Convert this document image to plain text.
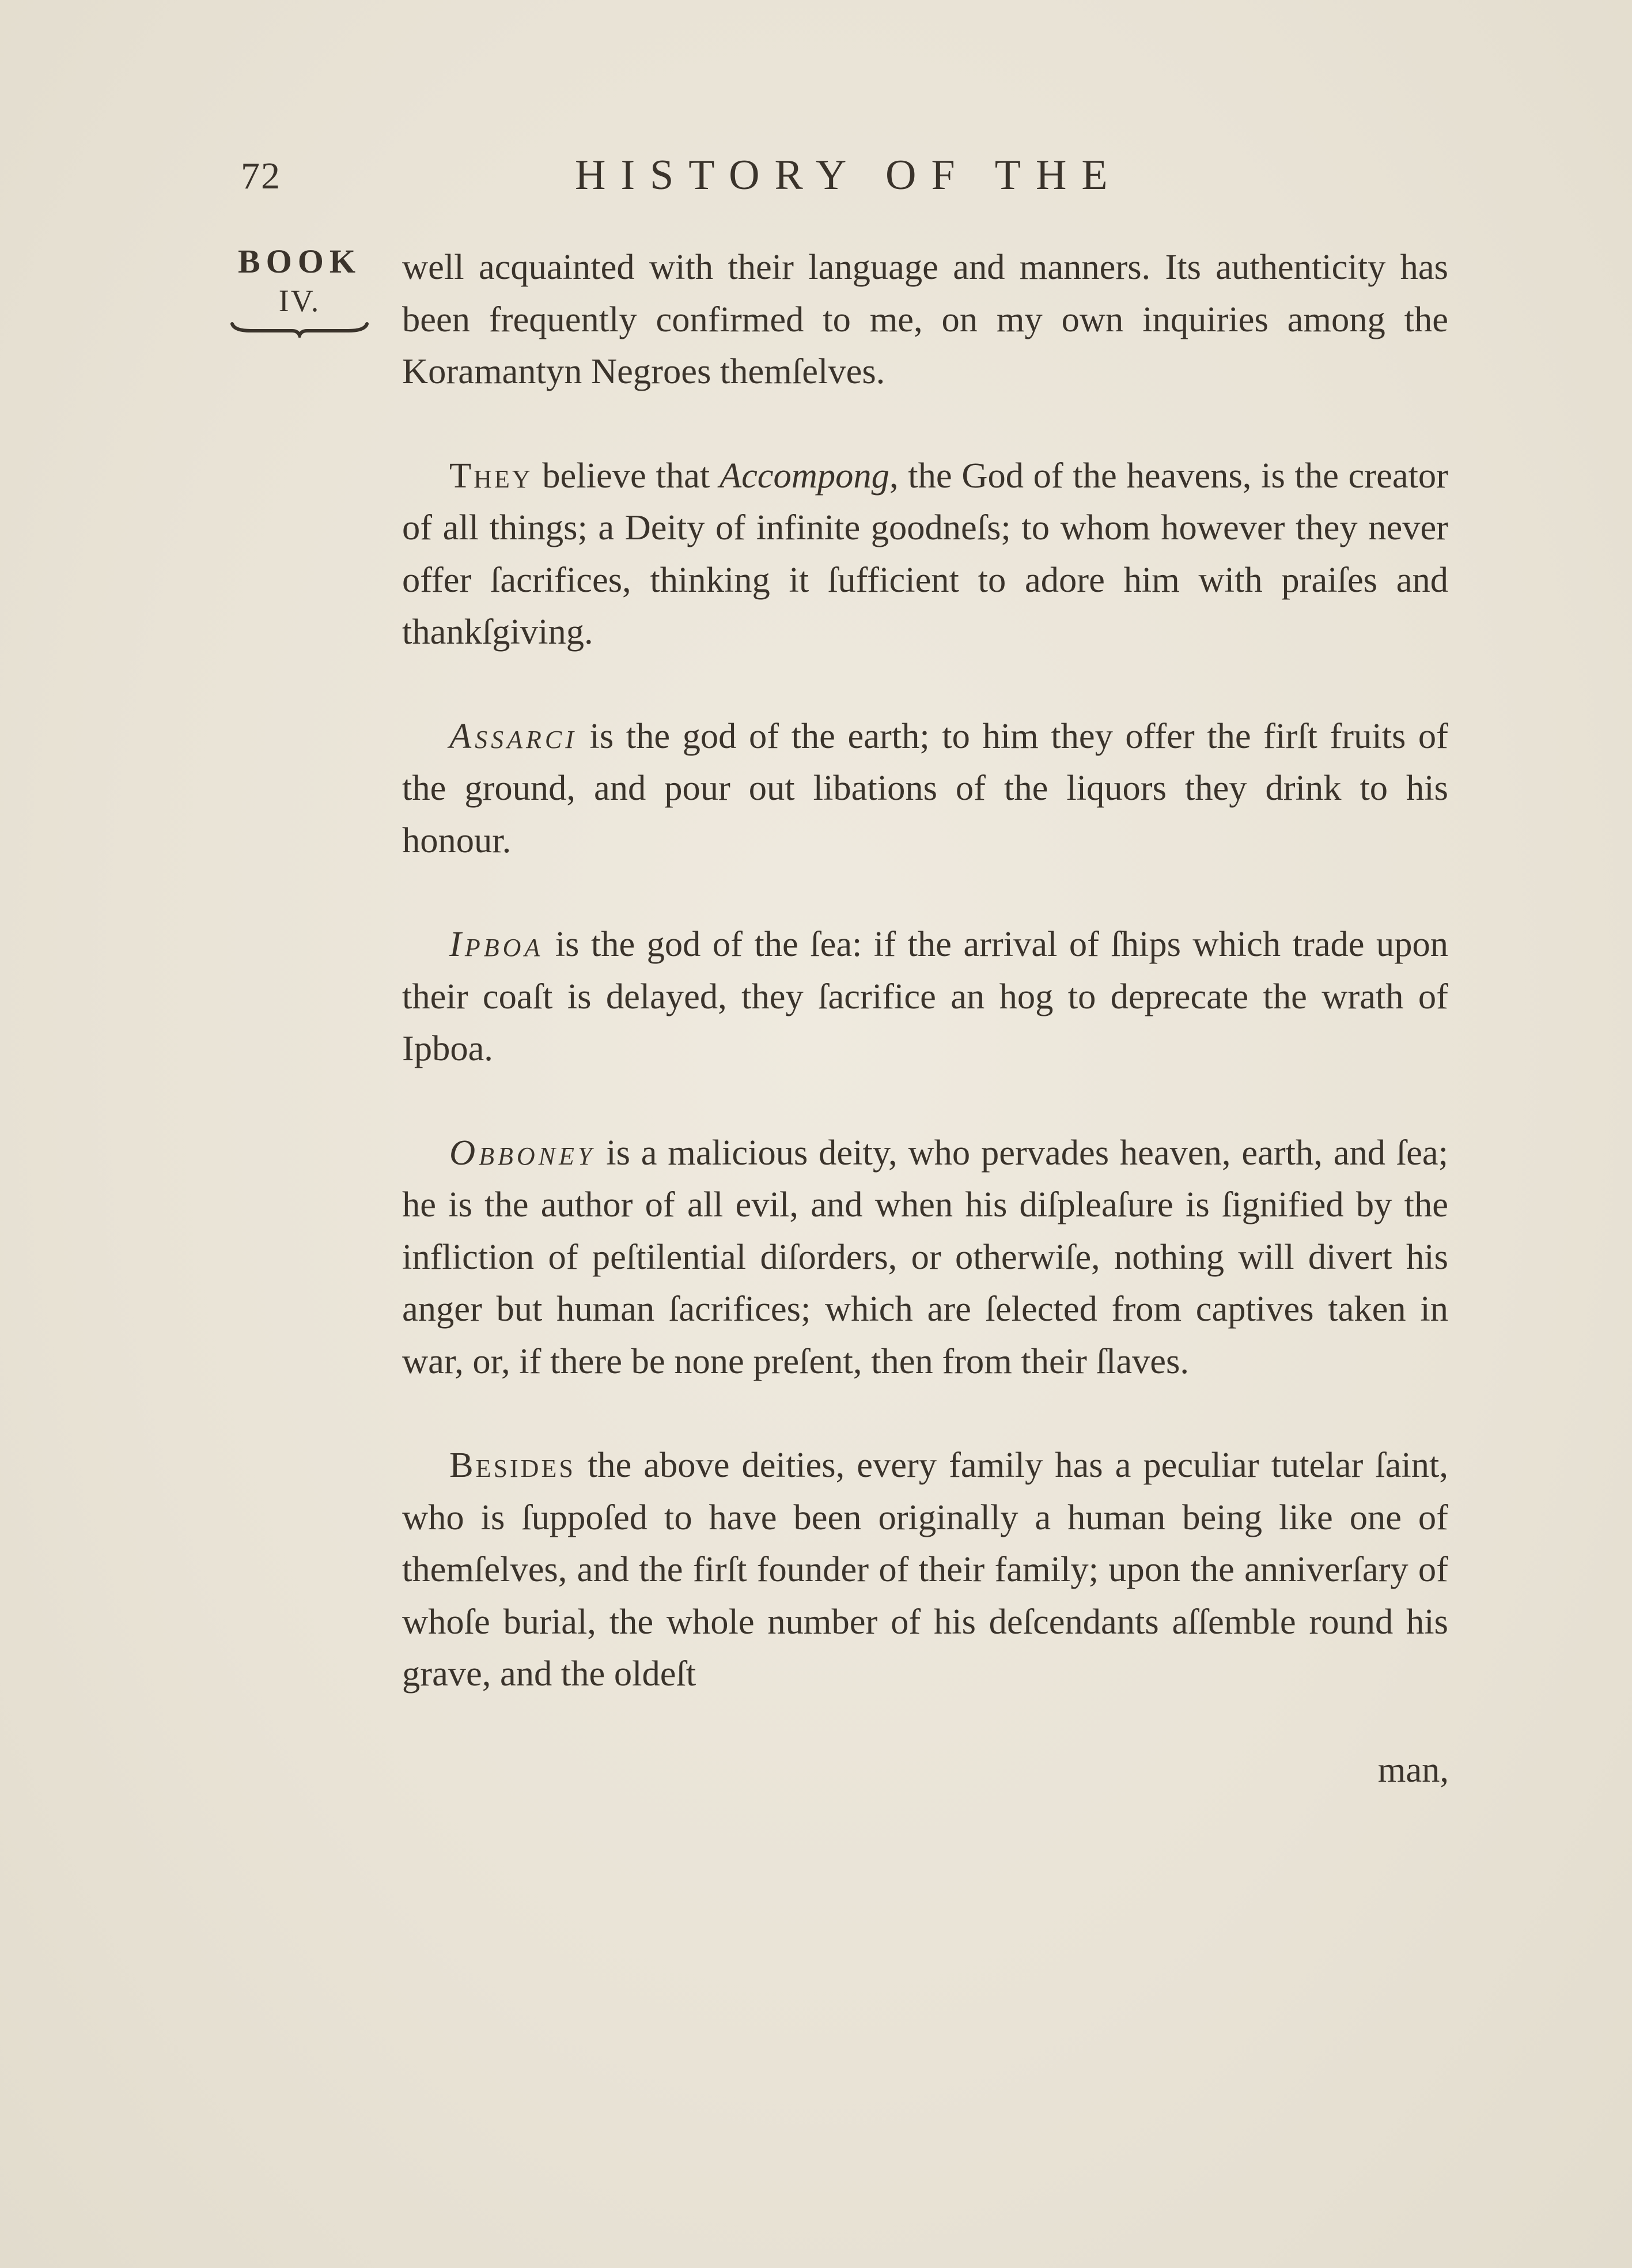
72	HISTORY OF THE
BOOK
IV.

well acquainted with their language and manners. Its authenticity has been frequently confirmed to me, on my own inquiries among the Koramantyn Negroes themſelves.

They believe that Accompong, the God of the heavens, is the creator of all things; a Deity of infinite goodneſs; to whom however they never offer ſacrifices, thinking it ſufficient to adore him with praiſes and thankſgiving.

Assarci is the god of the earth; to him they offer the firſt fruits of the ground, and pour out libations of the liquors they drink to his honour.

Ipboa is the god of the ſea: if the arrival of ſhips which trade upon their coaſt is delayed, they ſacrifice an hog to deprecate the wrath of Ipboa.

Obboney is a malicious deity, who pervades heaven, earth, and ſea; he is the author of all evil, and when his diſpleaſure is ſignified by the infliction of peſtilential diſorders, or otherwiſe, nothing will divert his anger but human ſacrifices; which are ſelected from captives taken in war, or, if there be none preſent, then from their ſlaves.

Besides the above deities, every family has a peculiar tutelar ſaint, who is ſuppoſed to have been originally a human being like one of themſelves, and the firſt founder of their family; upon the anniverſary of whoſe burial, the whole number of his deſcendants aſſemble round his grave, and the oldeſt

man,
